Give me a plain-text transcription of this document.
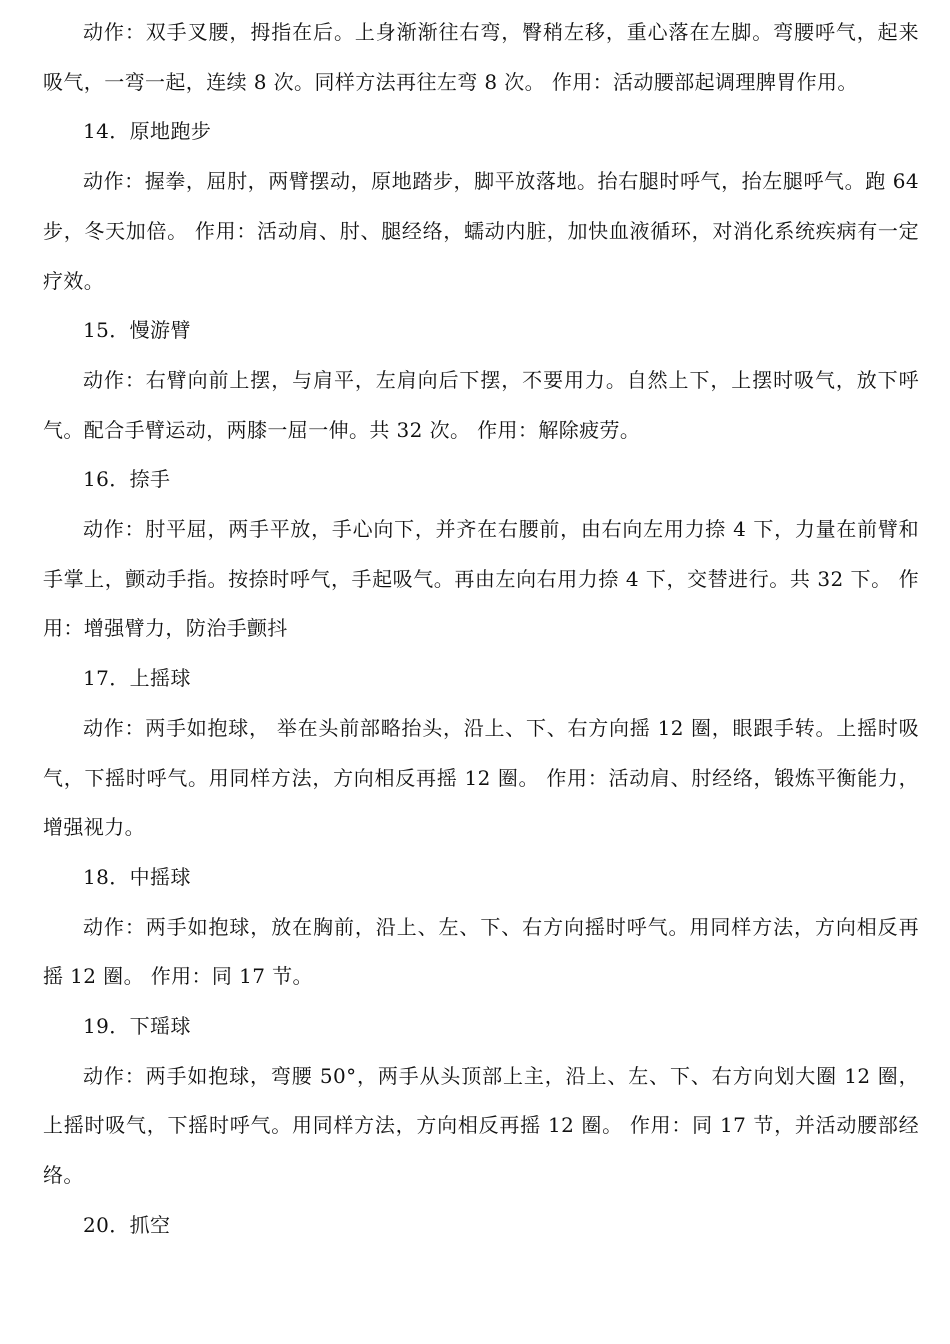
动作：双手叉腰，拇指在后。上身渐渐往右弯，臀稍左移，重心落在左脚。弯腰呼气，起来吸气，一弯一起，连续 8 次。同样方法再往左弯 8 次。 作用：活动腰部起调理脾胃作用。

14．原地跑步

动作：握拳，屈肘，两臂摆动，原地踏步，脚平放落地。抬右腿时呼气，抬左腿呼气。跑 64 步，冬天加倍。 作用：活动肩、肘、腿经络，蠕动内脏，加快血液循环，对消化系统疾病有一定疗效。

15．慢游臂

动作：右臂向前上摆，与肩平，左肩向后下摆，不要用力。自然上下，上摆时吸气，放下呼气。配合手臂运动，两膝一屈一伸。共 32 次。 作用：解除疲劳。

16．捺手

动作：肘平屈，两手平放，手心向下，并齐在右腰前，由右向左用力捺 4 下，力量在前臂和手掌上，颤动手指。按捺时呼气，手起吸气。再由左向右用力捺 4 下，交替进行。共 32 下。 作用：增强臂力，防治手颤抖

17．上摇球

动作：两手如抱球， 举在头前部略抬头，沿上、下、右方向摇 12 圈，眼跟手转。上摇时吸气，下摇时呼气。用同样方法，方向相反再摇 12 圈。 作用：活动肩、肘经络，锻炼平衡能力，增强视力。

18．中摇球

动作：两手如抱球，放在胸前，沿上、左、下、右方向摇时呼气。用同样方法，方向相反再摇 12 圈。 作用：同 17 节。

19．下瑶球

动作：两手如抱球，弯腰 50°，两手从头顶部上主，沿上、左、下、右方向划大圈 12 圈，上摇时吸气，下摇时呼气。用同样方法，方向相反再摇 12 圈。 作用：同 17 节，并活动腰部经络。

20．抓空
